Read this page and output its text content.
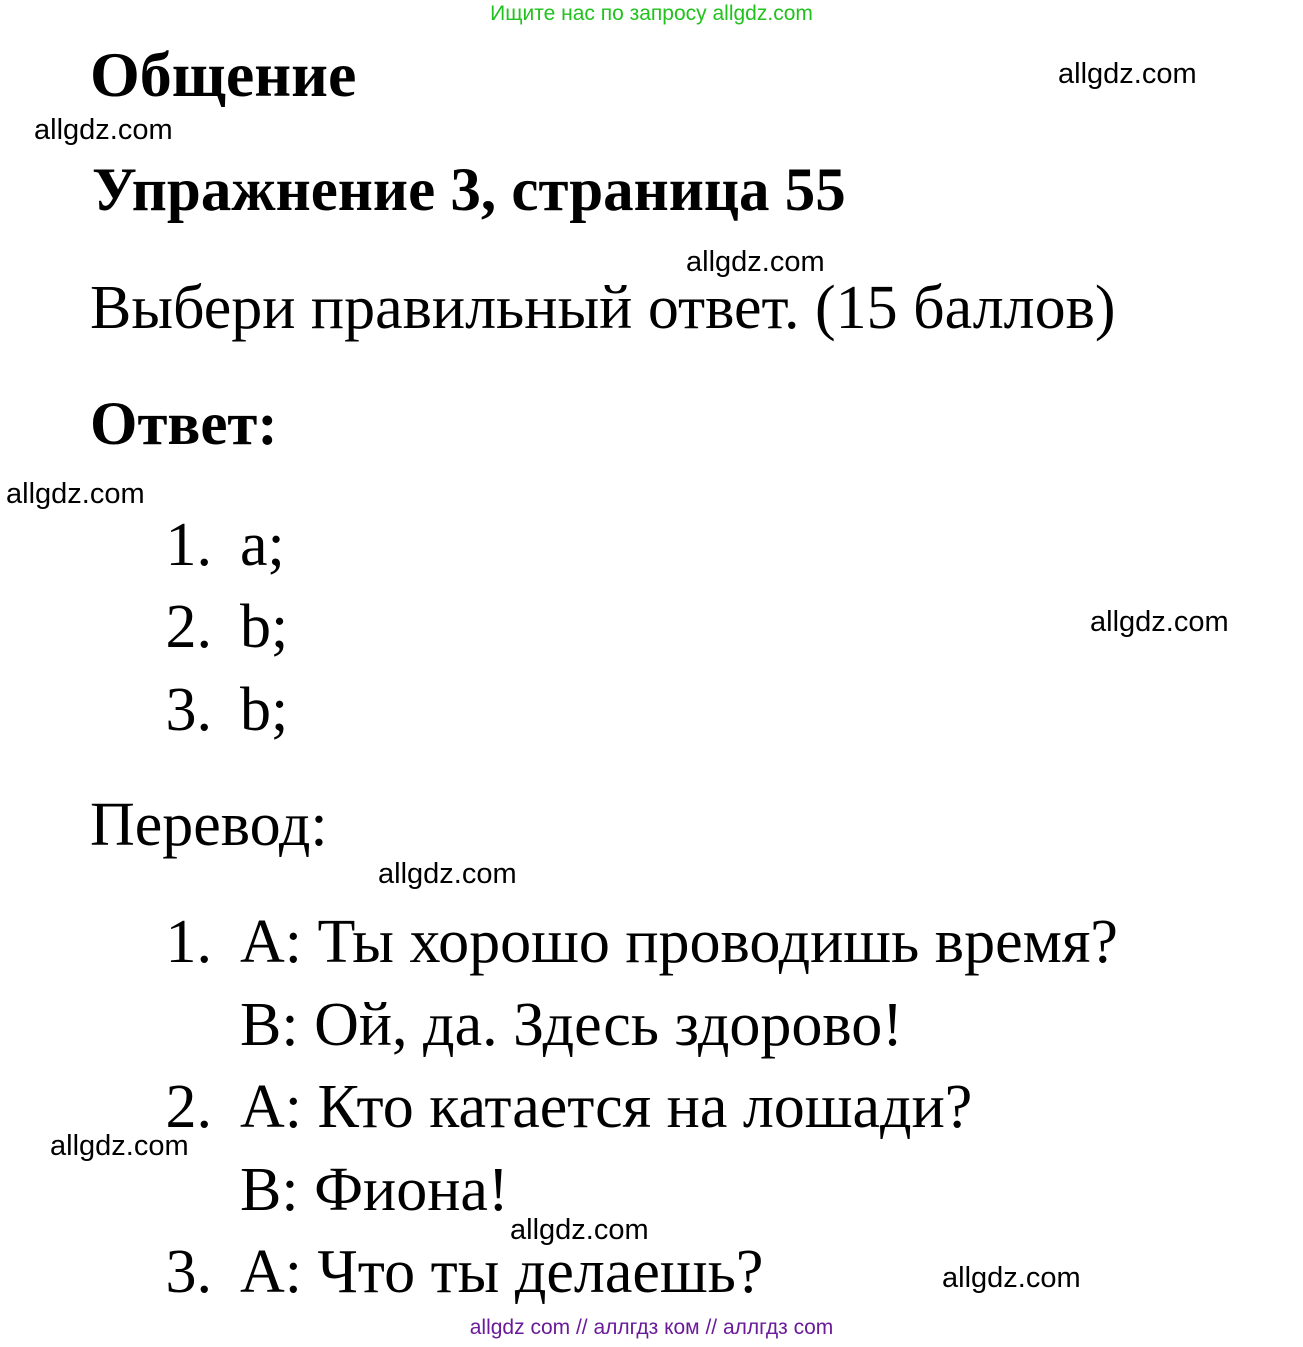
Ищите нас по запросу allgdz.com
Общение
Упражнение 3, страница 55
Выбери правильный ответ. (15 баллов)
Ответ:
1. a;
2. b;
3. b;
Перевод:
1. A: Ты хорошо проводишь время?
B: Ой, да. Здесь здорово!
2. A: Кто катается на лошади?
B: Фиона!
3. A: Что ты делаешь?
allgdz.com
allgdz.com
allgdz.com
allgdz.com
allgdz.com
allgdz.com
allgdz.com
allgdz.com
allgdz.com
allgdz com // аллгдз ком // аллгдз com
